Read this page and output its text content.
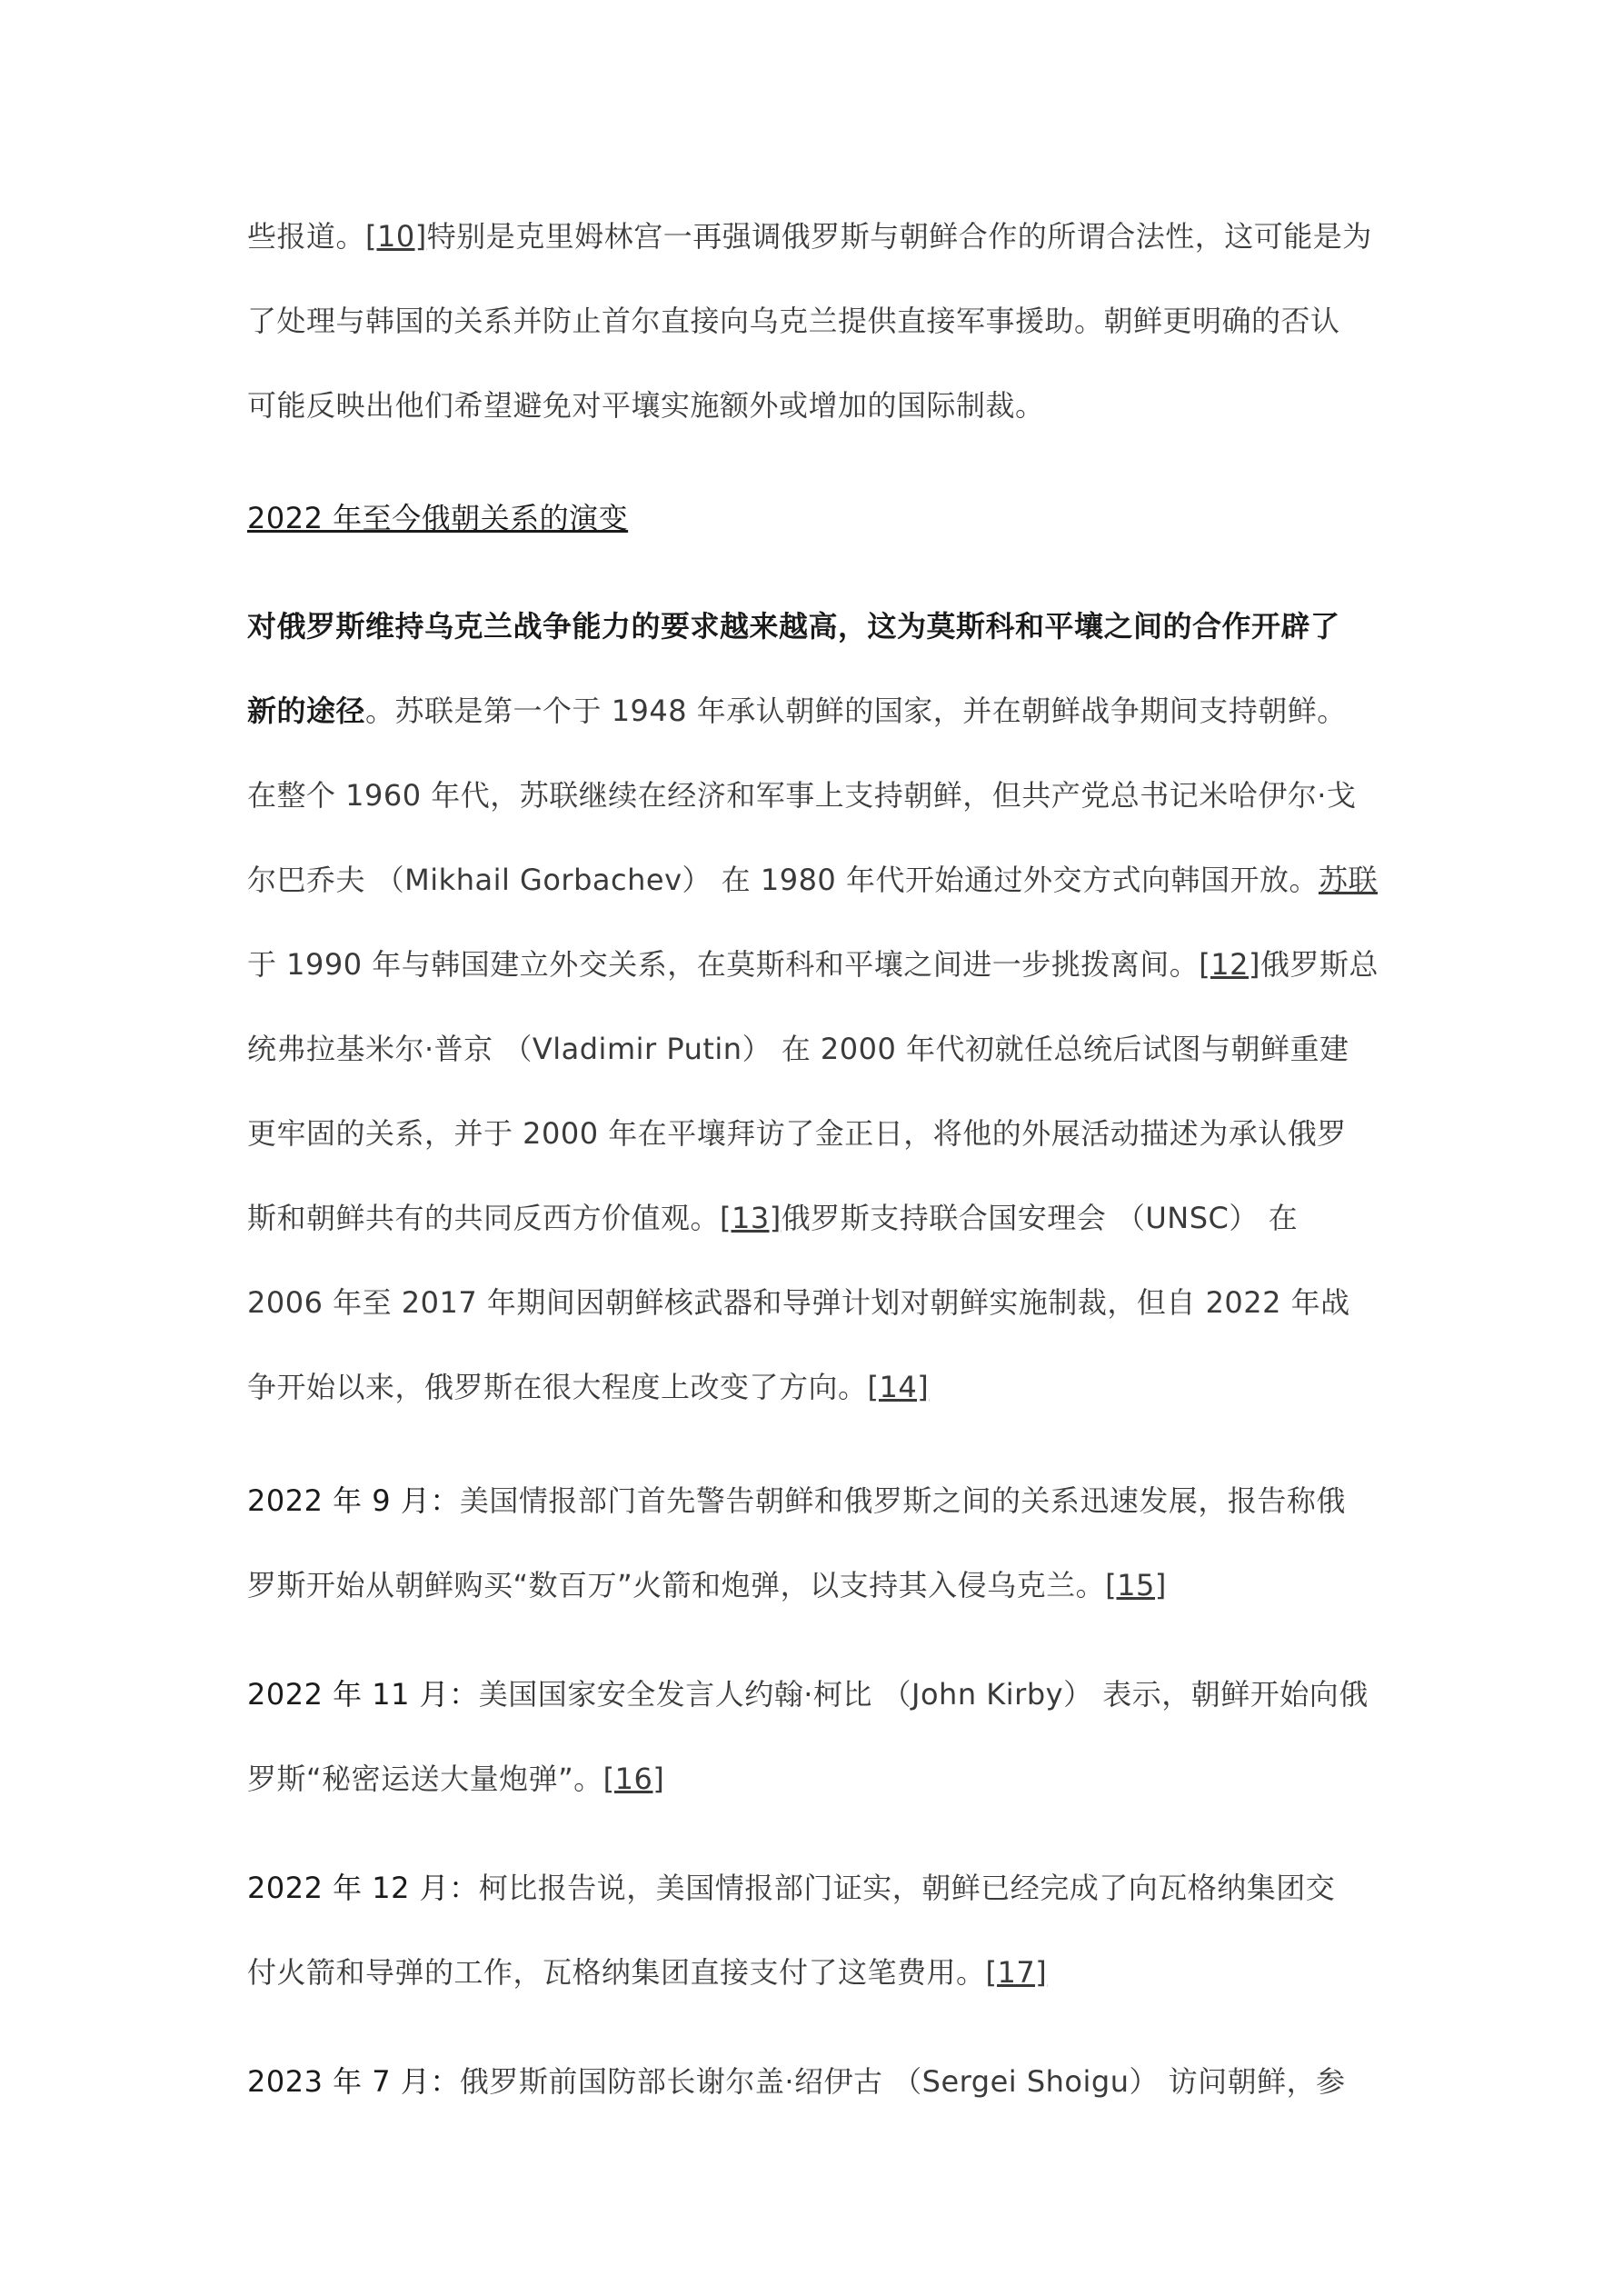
些报道。[10]特别是克里姆林宫一再强调俄罗斯与朝鲜合作的所谓合法性，这可能是为
了处理与韩国的关系并防止首尔直接向乌克兰提供直接军事援助。朝鲜更明确的否认
可能反映出他们希望避免对平壤实施额外或增加的国际制裁。
2022 年至今俄朝关系的演变
对俄罗斯维持乌克兰战争能力的要求越来越高，这为莫斯科和平壤之间的合作开辟了
新的途径。苏联是第一个于 1948 年承认朝鲜的国家，并在朝鲜战争期间支持朝鲜。
在整个 1960 年代，苏联继续在经济和军事上支持朝鲜，但共产党总书记米哈伊尔·戈
尔巴乔夫 （Mikhail Gorbachev） 在 1980 年代开始通过外交方式向韩国开放。苏联
于 1990 年与韩国建立外交关系，在莫斯科和平壤之间进一步挑拨离间。[12]俄罗斯总
统弗拉基米尔·普京 （Vladimir Putin） 在 2000 年代初就任总统后试图与朝鲜重建
更牢固的关系，并于 2000 年在平壤拜访了金正日，将他的外展活动描述为承认俄罗
斯和朝鲜共有的共同反西方价值观。[13]俄罗斯支持联合国安理会 （UNSC） 在
2006 年至 2017 年期间因朝鲜核武器和导弹计划对朝鲜实施制裁，但自 2022 年战
争开始以来，俄罗斯在很大程度上改变了方向。[14]
2022 年 9 月：美国情报部门首先警告朝鲜和俄罗斯之间的关系迅速发展，报告称俄
罗斯开始从朝鲜购买“数百万”火箭和炮弹，以支持其入侵乌克兰。[15]
2022 年 11 月：美国国家安全发言人约翰·柯比 （John Kirby） 表示，朝鲜开始向俄
罗斯“秘密运送大量炮弹”。[16]
2022 年 12 月：柯比报告说，美国情报部门证实，朝鲜已经完成了向瓦格纳集团交
付火箭和导弹的工作，瓦格纳集团直接支付了这笔费用。[17]
2023 年 7 月：俄罗斯前国防部长谢尔盖·绍伊古 （Sergei Shoigu） 访问朝鲜，参
